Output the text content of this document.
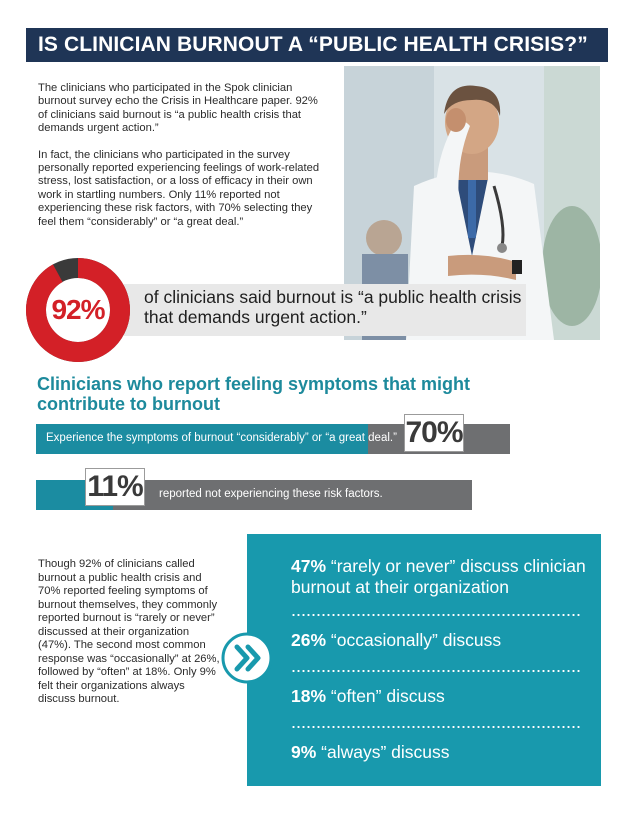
IS CLINICIAN BURNOUT A “PUBLIC HEALTH CRISIS?”

The clinicians who participated in the Spok clinician burnout survey echo the Crisis in Healthcare paper. 92% of clinicians said burnout is “a public health crisis that demands urgent action.”

In fact, the clinicians who participated in the survey personally reported experiencing feelings of work-related stress, lost satisfaction, or a loss of efficacy in their own work in startling numbers. Only 11% reported not experiencing these risk factors, with 70% selecting they feel them “considerably” or “a great deal.”

92%	of clinicians said burnout is “a public health crisis that demands urgent action.”
Clinicians who report feeling symptoms that might contribute to burnout
Experience the symptoms of burnout “considerably” or “a great deal.” 70%
reported not experiencing these risk factors.
11%
Though 92% of clinicians called burnout a public health crisis and 70% reported feeling symptoms of burnout themselves, they commonly reported burnout is “rarely or never” discussed at their organization (47%). The second most common response was “occasionally” at 26%, followed by “often” at 18%. Only 9% felt their organizations always discuss burnout.
47% “rarely or never” discuss clinician burnout at their organization
26% “occasionally” discuss
18% “often” discuss
9% “always” discuss
